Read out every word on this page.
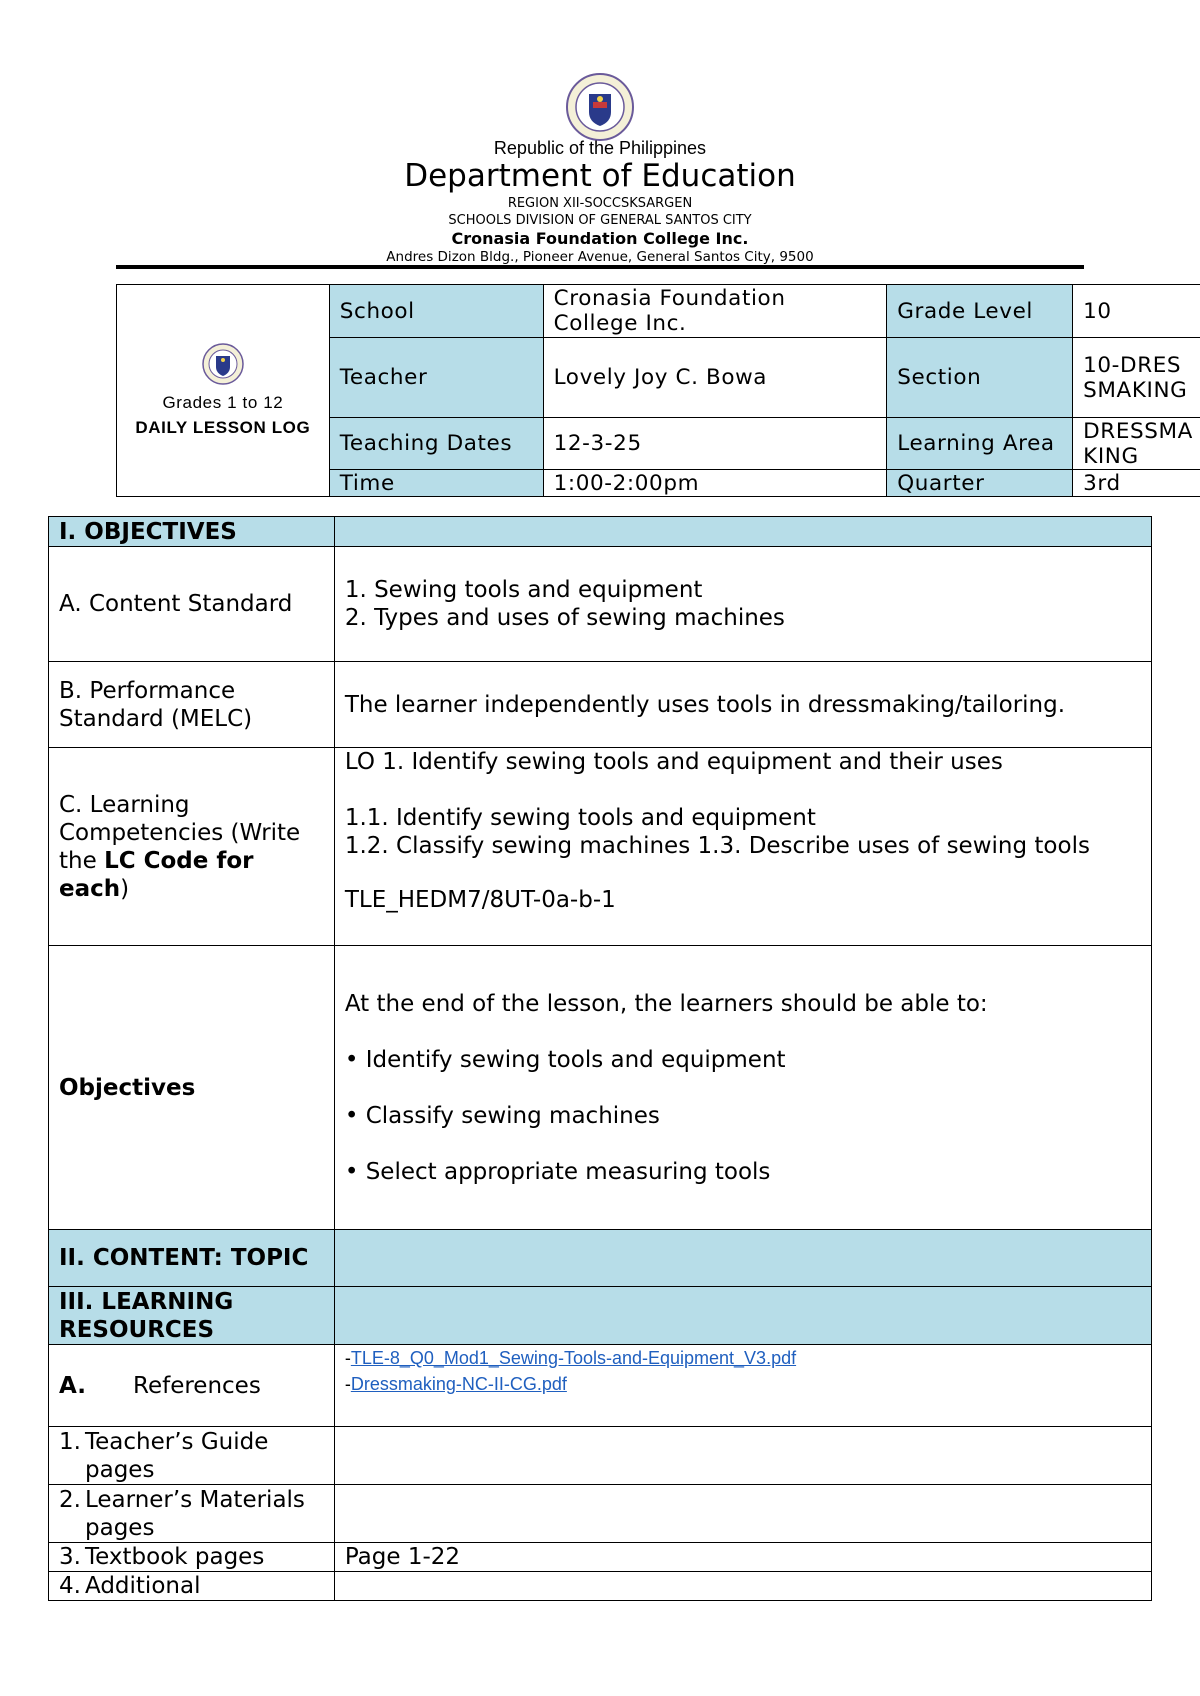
Republic of the Philippines
Department of Education
REGION XII-SOCCSKSARGEN
SCHOOLS DIVISION OF GENERAL SANTOS CITY
Cronasia Foundation College Inc.
Andres Dizon Bldg., Pioneer Avenue, General Santos City, 9500
Grades 1 to 12
DAILY LESSON LOG	School	Cronasia Foundation College Inc.	Grade Level	10
	Teacher	Lovely Joy C. Bowa	Section	10-DRESSMAKING
	Teaching Dates	12-3-25	Learning Area	DRESSMAKING
	Time	1:00-2:00pm	Quarter	3rd
I. OBJECTIVES	
A. Content Standard	1. Sewing tools and equipment

2. Types and uses of sewing machines

B. Performance Standard (MELC)	The learner independently uses tools in dressmaking/tailoring.
C. Learning Competencies (Write the LC Code for each)	LO 1. Identify sewing tools and equipment and their uses

1.1. Identify sewing tools and equipment

1.2. Classify sewing machines 1.3. Describe uses of sewing tools

TLE_HEDM7/8UT-0a-b-1

Objectives	At the end of the lesson, the learners should be able to:

• Identify sewing tools and equipment

• Classify sewing machines

• Select appropriate measuring tools

II. CONTENT: TOPIC	
III. LEARNING RESOURCES	
A. References	-TLE-8_Q0_Mod1_Sewing-Tools-and-Equipment_V3.pdf
-Dressmaking-NC-II-CG.pdf

1. Teacher’s Guide pages	

2. Learner’s Materials pages	

3. Textbook pages	Page 1-22

4. Additional	
